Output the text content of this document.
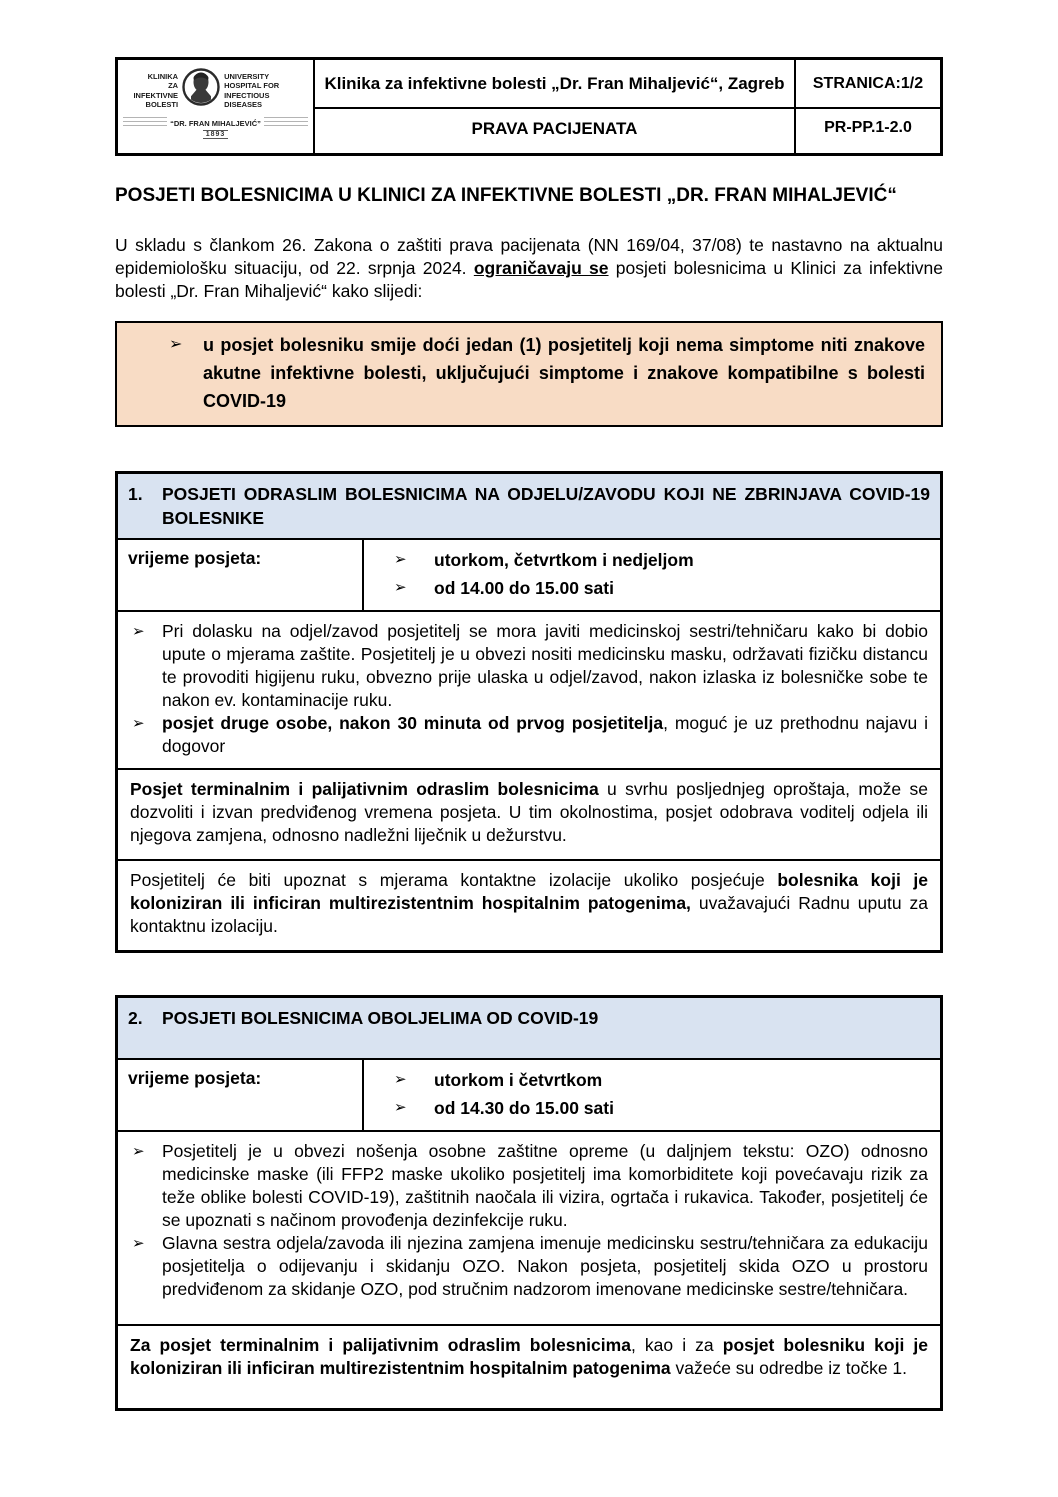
KLINIKA
ZA INFEKTIVNE
BOLESTI
UNIVERSITY
HOSPITAL FOR
INFECTIOUS DISEASES
“DR. FRAN MIHALJEVIĆ”
1893
Klinika za infektivne bolesti „Dr. Fran Mihaljević“, Zagreb	STRANICA:1/2
PRAVA PACIJENATA	PR-PP.1-2.0
POSJETI BOLESNICIMA U KLINICI ZA INFEKTIVNE BOLESTI „DR. FRAN MIHALJEVIĆ“

U skladu s člankom 26. Zakona o zaštiti prava pacijenata (NN 169/04, 37/08) te nastavno na aktualnu epidemiološku situaciju, od 22. srpnja 2024. ograničavaju se posjeti bolesnicima u Klinici za infektivne bolesti „Dr. Fran Mihaljević“ kako slijedi:

➢ u posjet bolesniku smije doći jedan (1) posjetitelj koji nema simptome niti znakove akutne infektivne bolesti, uključujući simptome i znakove kompatibilne s bolesti COVID-19
1.	POSJETI ODRASLIM BOLESNICIMA NA ODJELU/ZAVODU KOJI NE ZBRINJAVA COVID-19 BOLESNIKE
vrijeme posjeta:	➢	utorkom, četvrtkom i nedjeljom
➢	od 14.00 do 15.00 sati
➢ Pri dolasku na odjel/zavod posjetitelj se mora javiti medicinskoj sestri/tehničaru kako bi dobio upute o mjerama zaštite. Posjetitelj je u obvezi nositi medicinsku masku, održavati fizičku distancu te provoditi higijenu ruku, obvezno prije ulaska u odjel/zavod, nakon izlaska iz bolesničke sobe te nakon ev. kontaminacije ruku.
➢ posjet druge osobe, nakon 30 minuta od prvog posjetitelja, moguć je uz prethodnu najavu i dogovor
Posjet terminalnim i palijativnim odraslim bolesnicima u svrhu posljednjeg oproštaja, može se dozvoliti i izvan predviđenog vremena posjeta. U tim okolnostima, posjet odobrava voditelj odjela ili njegova zamjena, odnosno nadležni liječnik u dežurstvu.
Posjetitelj će biti upoznat s mjerama kontaktne izolacije ukoliko posjećuje bolesnika koji je koloniziran ili inficiran multirezistentnim hospitalnim patogenima, uvažavajući Radnu uputu za kontaktnu izolaciju.
2.	POSJETI BOLESNICIMA OBOLJELIMA OD COVID-19
vrijeme posjeta:	➢	utorkom i četvrtkom
➢	od 14.30 do 15.00 sati
➢ Posjetitelj je u obvezi nošenja osobne zaštitne opreme (u daljnjem tekstu: OZO) odnosno medicinske maske (ili FFP2 maske ukoliko posjetitelj ima komorbiditete koji povećavaju rizik za teže oblike bolesti COVID-19), zaštitnih naočala ili vizira, ogrtača i rukavica. Također, posjetitelj će se upoznati s načinom provođenja dezinfekcije ruku.
➢ Glavna sestra odjela/zavoda ili njezina zamjena imenuje medicinsku sestru/tehničara za edukaciju posjetitelja o odijevanju i skidanju OZO. Nakon posjeta, posjetitelj skida OZO u prostoru predviđenom za skidanje OZO, pod stručnim nadzorom imenovane medicinske sestre/tehničara.
Za posjet terminalnim i palijativnim odraslim bolesnicima, kao i za posjet bolesniku koji je koloniziran ili inficiran multirezistentnim hospitalnim patogenima važeće su odredbe iz točke 1.
